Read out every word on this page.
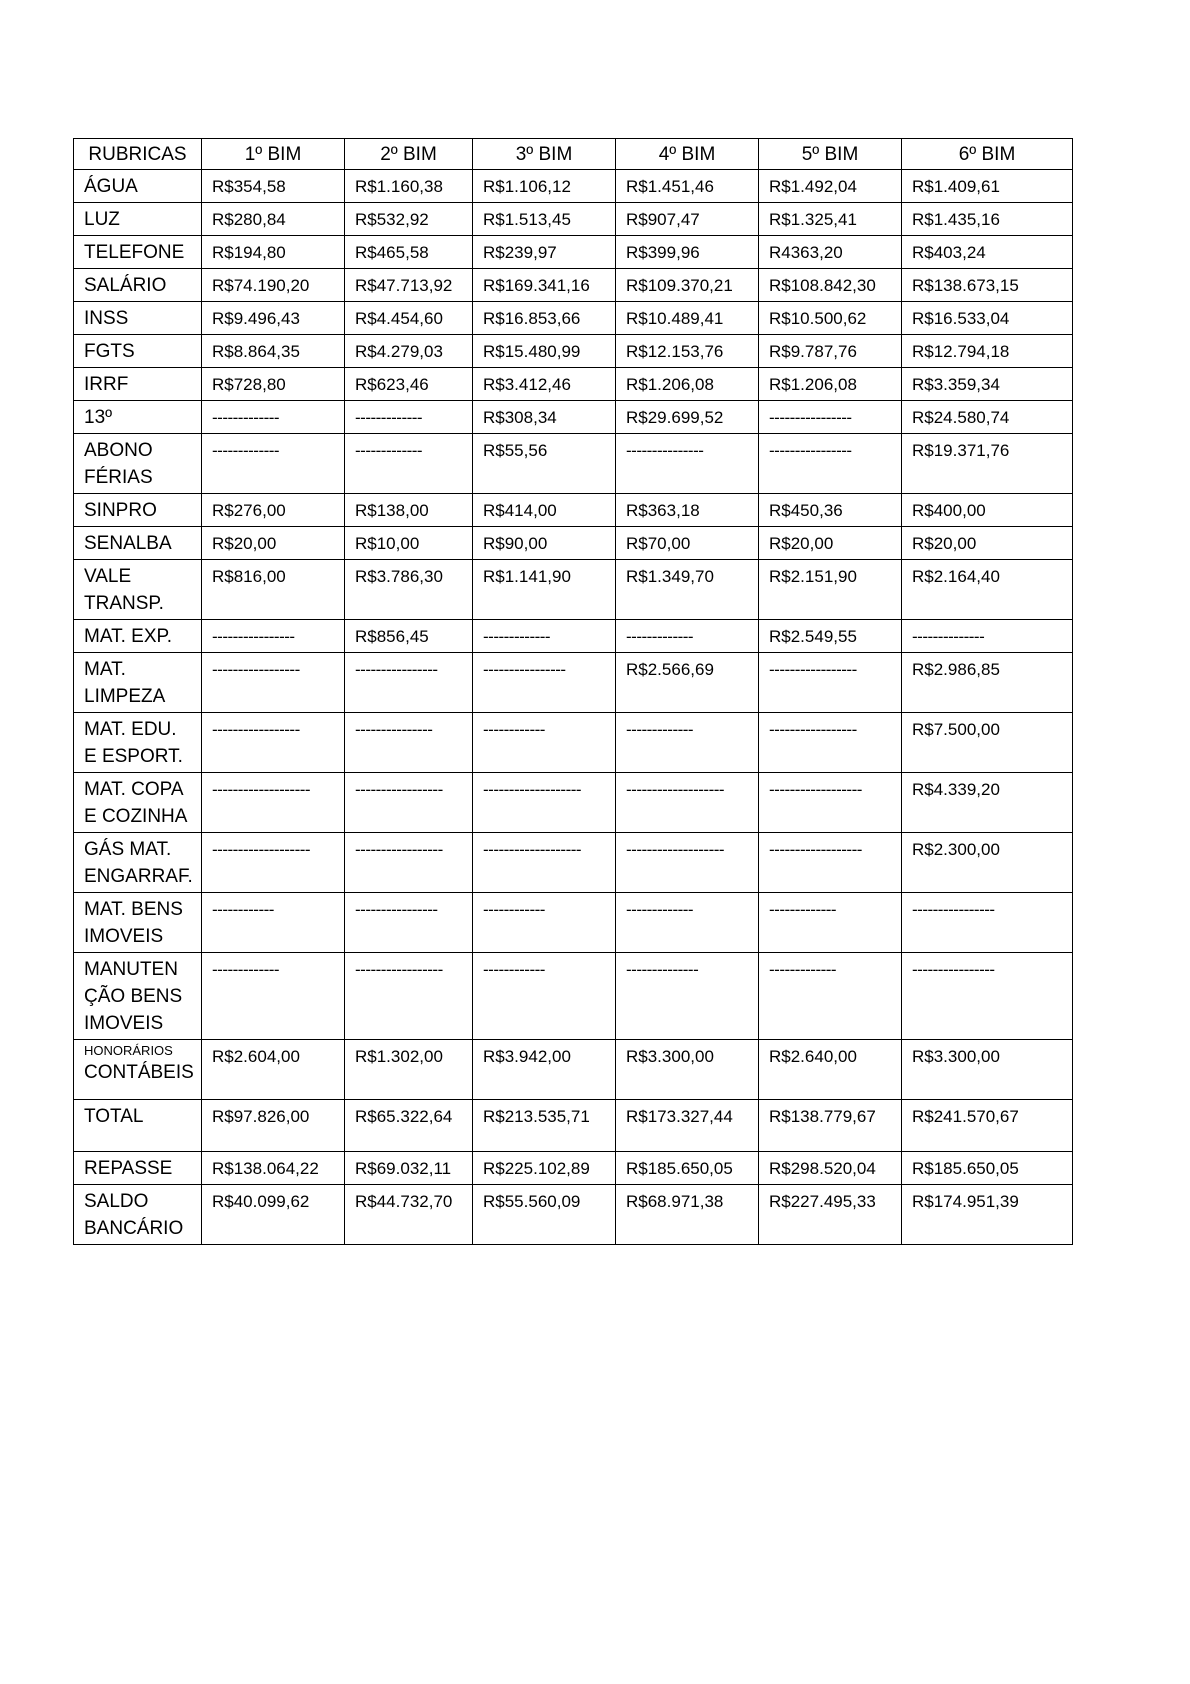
RUBRICAS	1º BIM	2º BIM	3º BIM	4º BIM	5º BIM	6º BIM
ÁGUA	R$354,58	R$1.160,38	R$1.106,12	R$1.451,46	R$1.492,04	R$1.409,61
LUZ	R$280,84	R$532,92	R$1.513,45	R$907,47	R$1.325,41	R$1.435,16
TELEFONE	R$194,80	R$465,58	R$239,97	R$399,96	R4363,20	R$403,24
SALÁRIO	R$74.190,20	R$47.713,92	R$169.341,16	R$109.370,21	R$108.842,30	R$138.673,15
INSS	R$9.496,43	R$4.454,60	R$16.853,66	R$10.489,41	R$10.500,62	R$16.533,04
FGTS	R$8.864,35	R$4.279,03	R$15.480,99	R$12.153,76	R$9.787,76	R$12.794,18
IRRF	R$728,80	R$623,46	R$3.412,46	R$1.206,08	R$1.206,08	R$3.359,34
13º	-------------	-------------	R$308,34	R$29.699,52	----------------	R$24.580,74
ABONO
FÉRIAS	-------------	-------------	R$55,56	---------------	----------------	R$19.371,76
SINPRO	R$276,00	R$138,00	R$414,00	R$363,18	R$450,36	R$400,00
SENALBA	R$20,00	R$10,00	R$90,00	R$70,00	R$20,00	R$20,00
VALE
TRANSP.	R$816,00	R$3.786,30	R$1.141,90	R$1.349,70	R$2.151,90	R$2.164,40
MAT. EXP.	----------------	R$856,45	-------------	-------------	R$2.549,55	--------------
MAT.
LIMPEZA	-----------------	----------------	----------------	R$2.566,69	-----------------	R$2.986,85
MAT. EDU.
E ESPORT.	-----------------	---------------	------------	-------------	-----------------	R$7.500,00
MAT. COPA
E COZINHA	-------------------	-----------------	-------------------	-------------------	------------------	R$4.339,20
GÁS MAT.
ENGARRAF.	-------------------	-----------------	-------------------	-------------------	------------------	R$2.300,00
MAT. BENS
IMOVEIS	------------	----------------	------------	-------------	-------------	----------------
MANUTEN
ÇÃO BENS
IMOVEIS	-------------	-----------------	------------	--------------	-------------	----------------

HONORÁRIOS
CONTÁBEIS	R$2.604,00	R$1.302,00	R$3.942,00	R$3.300,00	R$2.640,00	R$3.300,00
TOTAL	R$97.826,00	R$65.322,64	R$213.535,71	R$173.327,44	R$138.779,67	R$241.570,67
REPASSE	R$138.064,22	R$69.032,11	R$225.102,89	R$185.650,05	R$298.520,04	R$185.650,05
SALDO
BANCÁRIO	R$40.099,62	R$44.732,70	R$55.560,09	R$68.971,38	R$227.495,33	R$174.951,39
